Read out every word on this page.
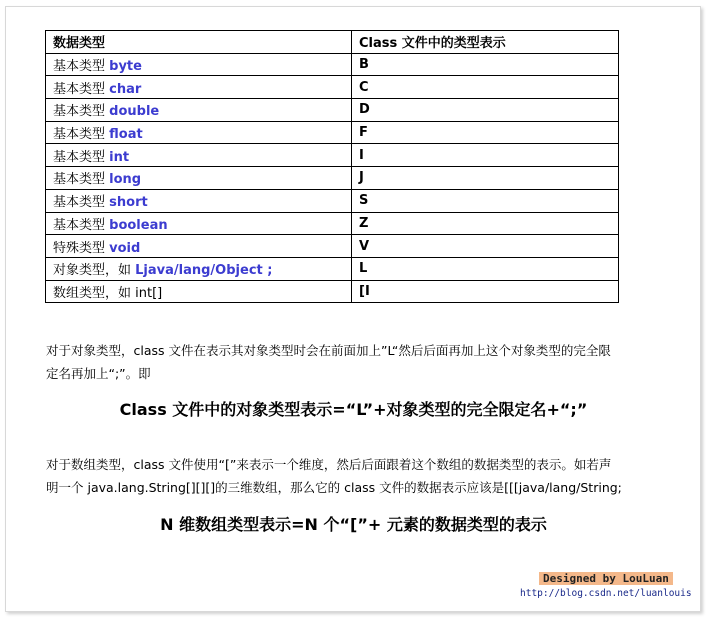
数据类型	Class 文件中的类型表示
基本类型 byte	B
基本类型 char	C
基本类型 double	D
基本类型 float	F
基本类型 int	I
基本类型 long	J
基本类型 short	S
基本类型 boolean	Z
特殊类型 void	V
对象类型，如 Ljava/lang/Object ;	L
数组类型，如 int[]	[I

对于对象类型，class 文件在表示其对象类型时会在前面加上”L“然后后面再加上这个对象类型的完全限
定名再加上“;”。即

Class 文件中的对象类型表示=“L”+对象类型的完全限定名+“;”

对于数组类型，class 文件使用“[”来表示一个维度，然后后面跟着这个数组的数据类型的表示。如若声
明一个 java.lang.String[][][]的三维数组，那么它的 class 文件的数据表示应该是[[[java/lang/String;

N 维数组类型表示=N 个“[”+ 元素的数据类型的表示

Designed by LouLuan
http://blog.csdn.net/luanlouis
